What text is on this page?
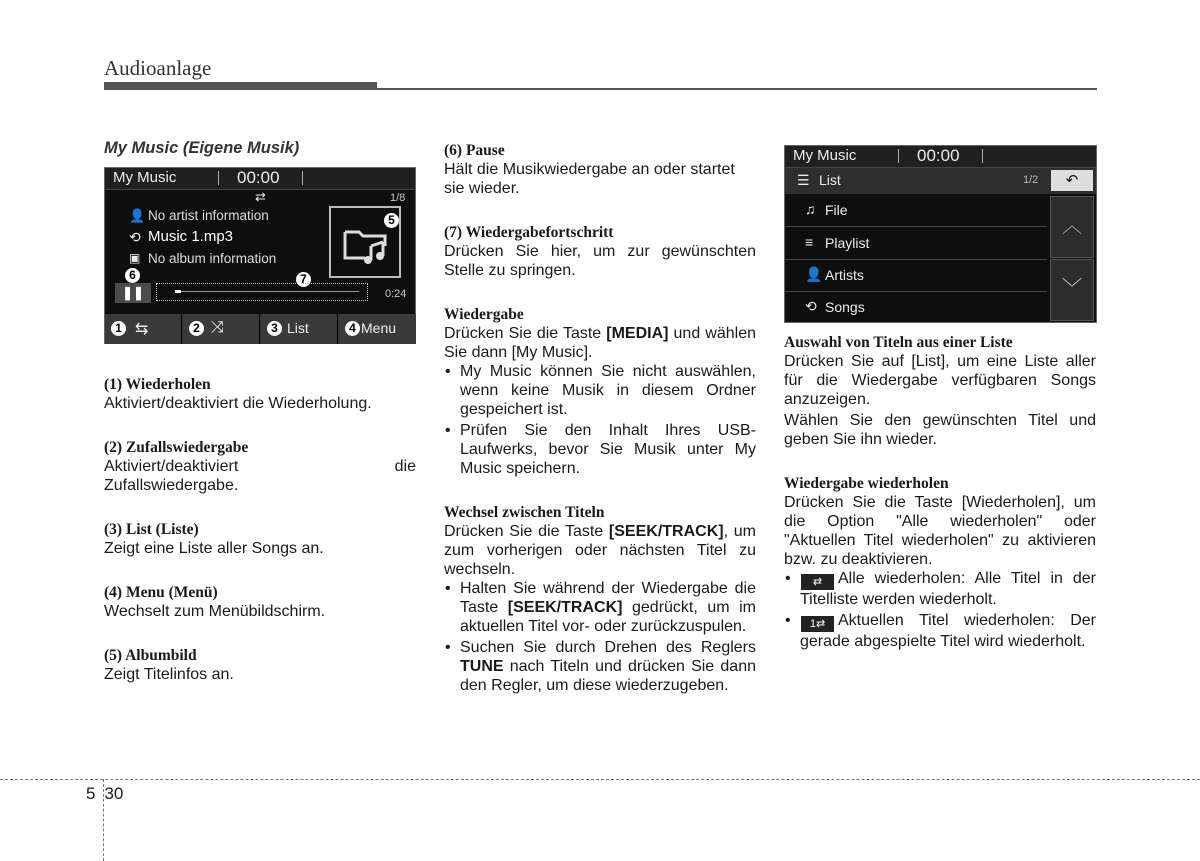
Audioanlage
My Music (Eigene Musik)
My Music	00:00
⇄	1/8
👤 No artist information
⟲ Music 1.mp3
▣ No album information
5
6	7
❚❚	0:24
1 ⇆	2 ⤨	3 List	4 Menu

(1) Wiederholen

Aktiviert/deaktiviert die Wiederholung.

(2) Zufallswiedergabe

Aktiviert/deaktiviert	die

Zufallswiedergabe.

(3) List (Liste)

Zeigt eine Liste aller Songs an.

(4) Menu (Menü)

Wechselt zum Menübildschirm.

(5) Albumbild

Zeigt Titelinfos an.

(6) Pause

Hält die Musikwiedergabe an oder startet sie wieder.

(7) Wiedergabefortschritt

Drücken Sie hier, um zur gewünschten Stelle zu springen.

Wiedergabe

Drücken Sie die Taste [MEDIA] und wählen Sie dann [My Music].

• My Music können Sie nicht auswählen, wenn keine Musik in diesem Ordner gespeichert ist.
• Prüfen Sie den Inhalt Ihres USB-Laufwerks, bevor Sie Musik unter My Music speichern.

Wechsel zwischen Titeln

Drücken Sie die Taste [SEEK/TRACK], um zum vorherigen oder nächsten Titel zu wechseln.

• Halten Sie während der Wiedergabe die Taste [SEEK/TRACK] gedrückt, um im aktuellen Titel vor- oder zurückzuspulen.
• Suchen Sie durch Drehen des Reglers TUNE nach Titeln und drücken Sie dann den Regler, um diese wiederzugeben.
My Music	00:00
☰ List	1/2	↶
♫ File
≡ Playlist
👤 Artists
⟲ Songs
︿
﹀

Auswahl von Titeln aus einer Liste

Drücken Sie auf [List], um eine Liste aller für die Wiedergabe verfügbaren Songs anzuzeigen.

Wählen Sie den gewünschten Titel und geben Sie ihn wieder.

Wiedergabe wiederholen

Drücken Sie die Taste [Wiederholen], um die Option "Alle wiederholen" oder "Aktuellen Titel wiederholen" zu aktivieren bzw. zu deaktivieren.

• ⇄ Alle wiederholen: Alle Titel in der Titelliste werden wiederholt.
• 1⇄ Aktuellen Titel wiederholen: Der gerade abgespielte Titel wird wiederholt.
5 30
